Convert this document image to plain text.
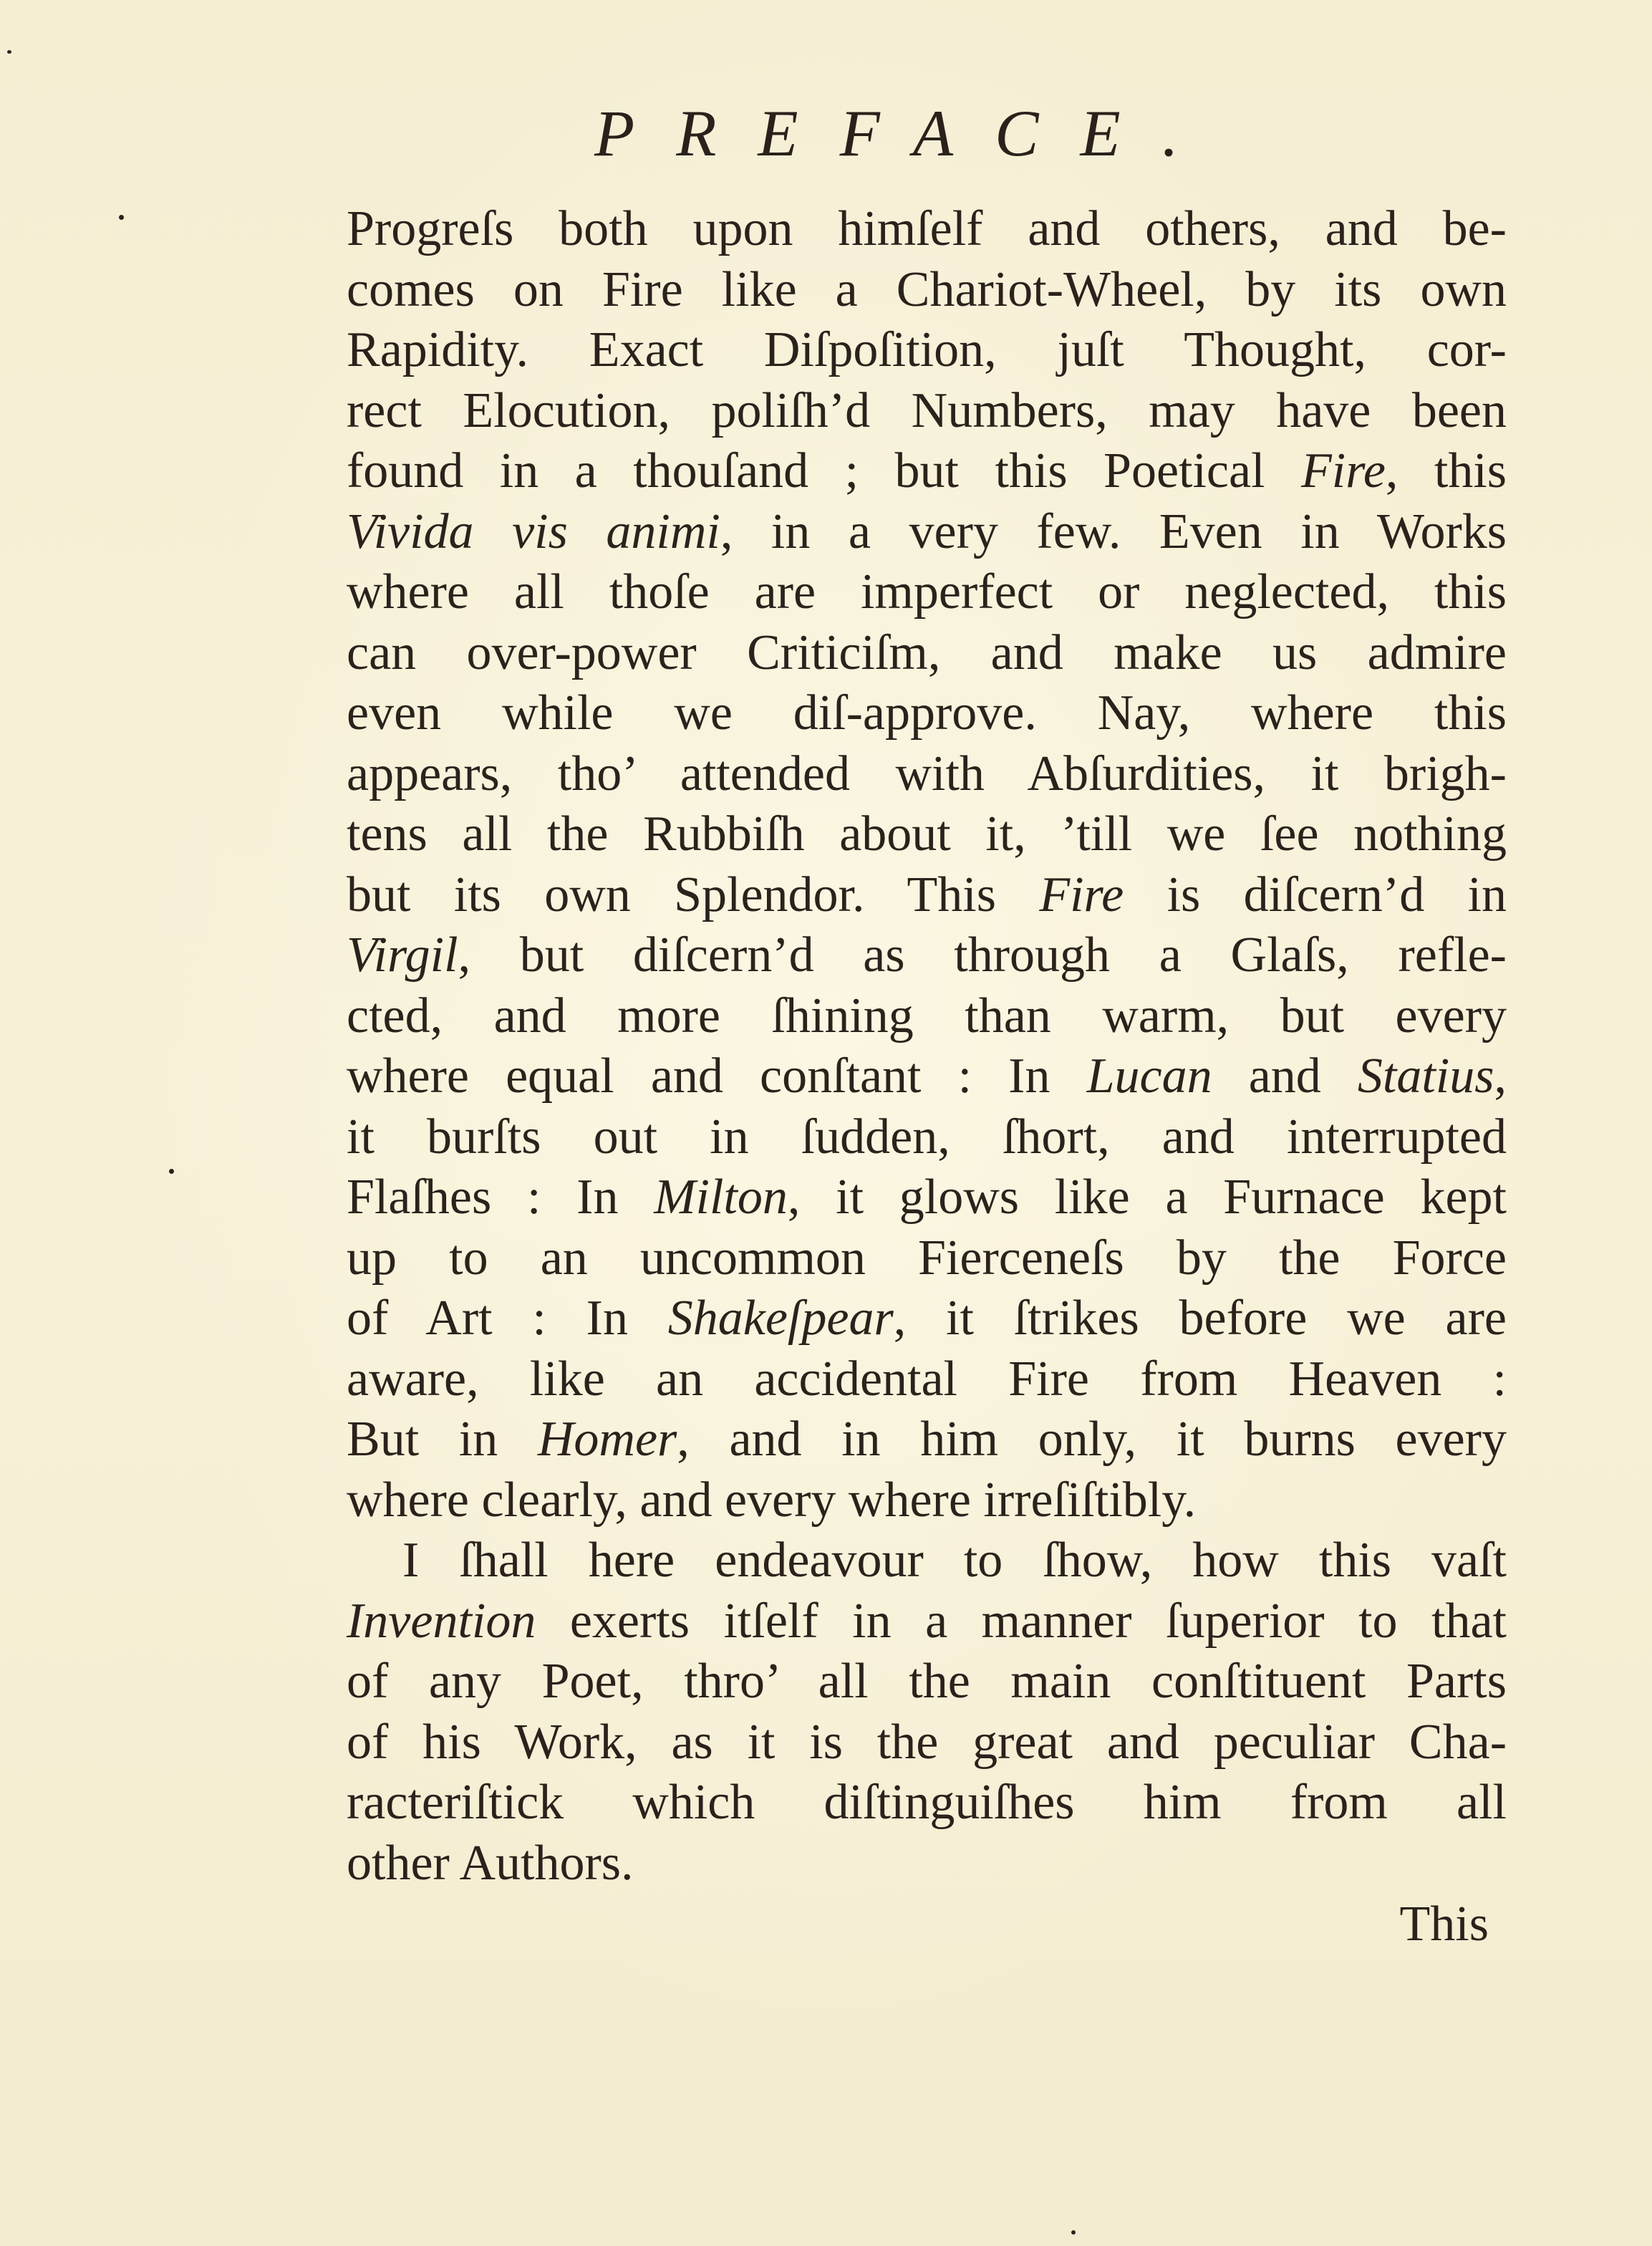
PREFACE.
Progreſs both upon himſelf and others, and be-
comes on Fire like a Chariot-Wheel, by its own
Rapidity. Exact Diſpoſition, juſt Thought, cor-
rect Elocution, poliſh’d Numbers, may have been
found in a thouſand ; but this Poetical Fire, this
Vivida vis animi, in a very few. Even in Works
where all thoſe are imperfect or neglected, this
can over-power Criticiſm, and make us admire
even while we diſ-approve. Nay, where this
appears, tho’ attended with Abſurdities, it brigh-
tens all the Rubbiſh about it, ’till we ſee nothing
but its own Splendor. This Fire is diſcern’d in
Virgil, but diſcern’d as through a Glaſs, refle-
cted, and more ſhining than warm, but every
where equal and conſtant : In Lucan and Statius,
it burſts out in ſudden, ſhort, and interrupted
Flaſhes : In Milton, it glows like a Furnace kept
up to an uncommon Fierceneſs by the Force
of Art : In Shakeſpear, it ſtrikes before we are
aware, like an accidental Fire from Heaven :
But in Homer, and in him only, it burns every
where clearly, and every where irreſiſtibly.
I ſhall here endeavour to ſhow, how this vaſt
Invention exerts itſelf in a manner ſuperior to that
of any Poet, thro’ all the main conſtituent Parts
of his Work, as it is the great and peculiar Cha-
racteriſtick which diſtinguiſhes him from all
other Authors.
This
